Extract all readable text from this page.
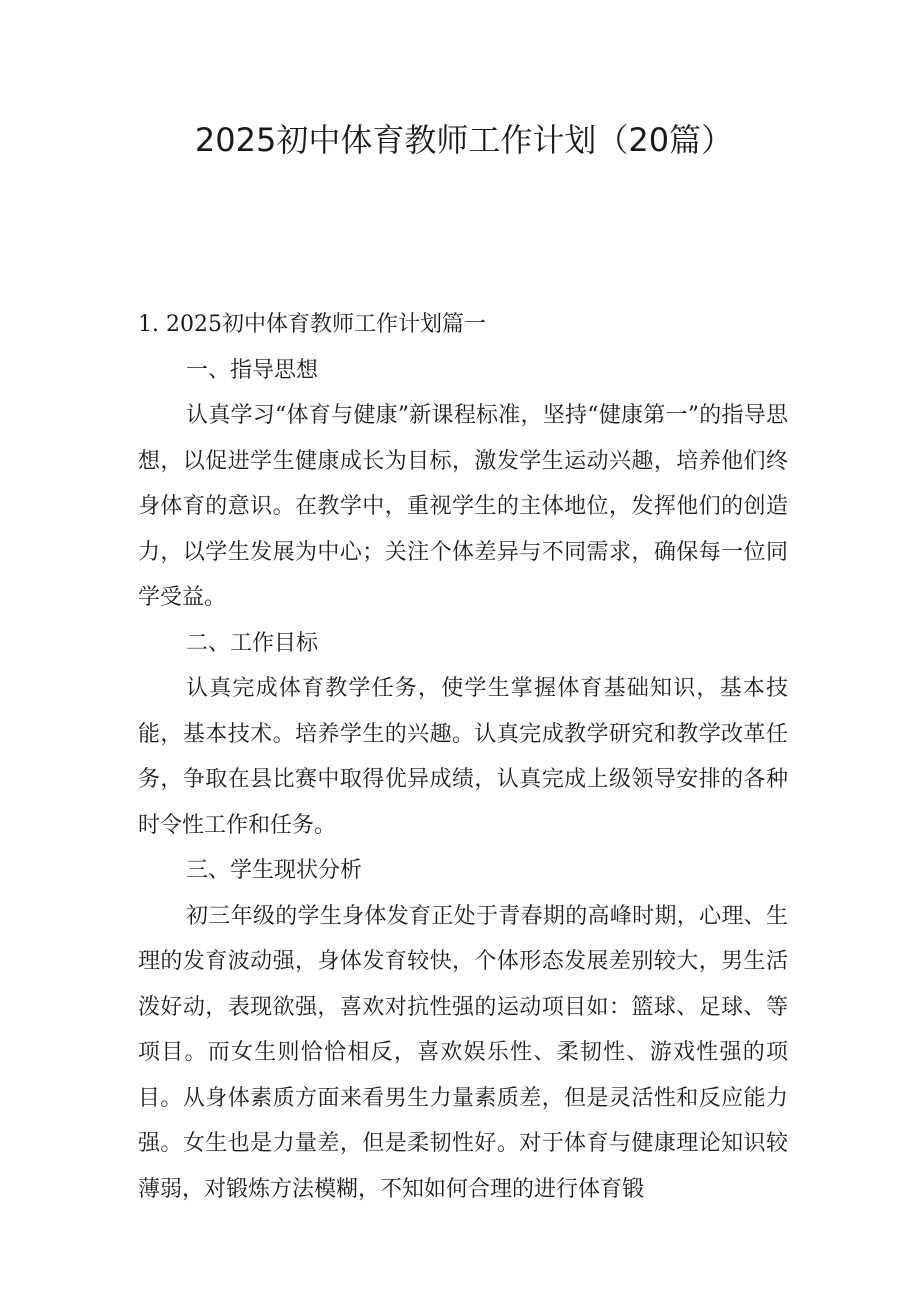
2025初中体育教师工作计划（20篇）

1. 2025初中体育教师工作计划篇一

一、指导思想

认真学习“体育与健康”新课程标准，坚持“健康第一”的指导思想，以促进学生健康成长为目标，激发学生运动兴趣，培养他们终身体育的意识。在教学中，重视学生的主体地位，发挥他们的创造力，以学生发展为中心；关注个体差异与不同需求，确保每一位同学受益。

二、工作目标

认真完成体育教学任务，使学生掌握体育基础知识，基本技能，基本技术。培养学生的兴趣。认真完成教学研究和教学改革任务，争取在县比赛中取得优异成绩，认真完成上级领导安排的各种时令性工作和任务。

三、学生现状分析

初三年级的学生身体发育正处于青春期的高峰时期，心理、生理的发育波动强，身体发育较快，个体形态发展差别较大，男生活泼好动，表现欲强，喜欢对抗性强的运动项目如：篮球、足球、等项目。而女生则恰恰相反，喜欢娱乐性、柔韧性、游戏性强的项目。从身体素质方面来看男生力量素质差，但是灵活性和反应能力强。女生也是力量差，但是柔韧性好。对于体育与健康理论知识较薄弱，对锻炼方法模糊，不知如何合理的进行体育锻
